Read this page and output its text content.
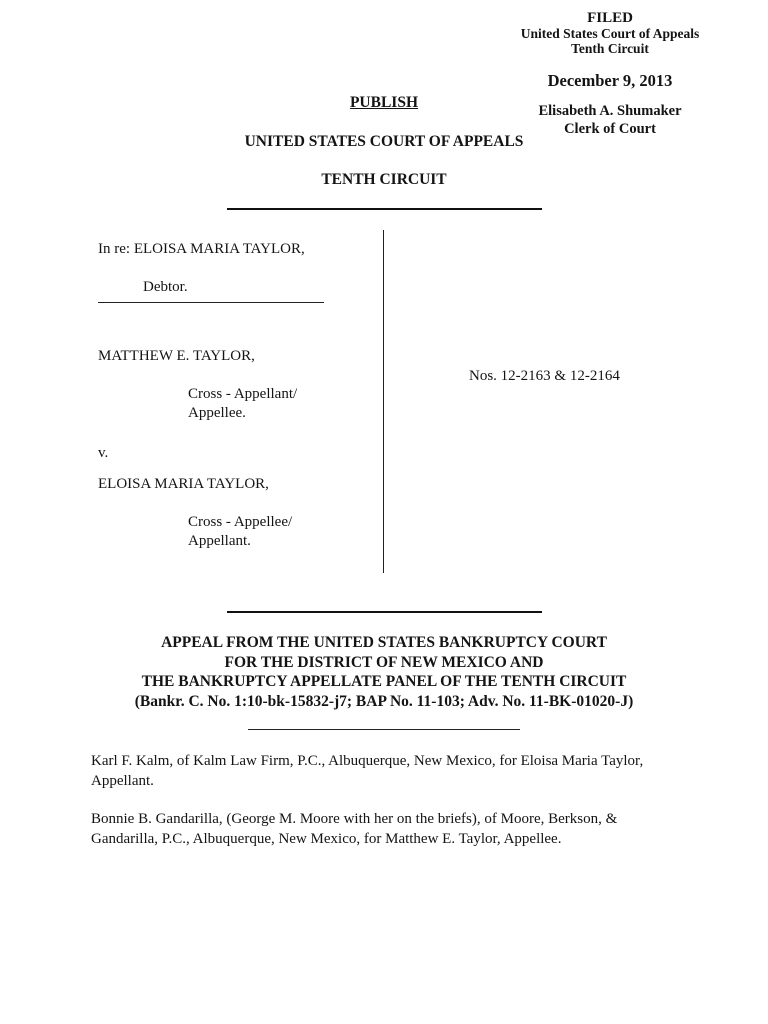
FILED
United States Court of Appeals
Tenth Circuit
December 9, 2013
Elisabeth A. Shumaker
Clerk of Court
PUBLISH
UNITED STATES COURT OF APPEALS
TENTH CIRCUIT
In re: ELOISA MARIA TAYLOR,
Debtor.
MATTHEW E. TAYLOR,
Cross - Appellant/
Appellee.
v.
ELOISA MARIA TAYLOR,
Cross - Appellee/
Appellant.
Nos. 12-2163 & 12-2164
APPEAL FROM THE UNITED STATES BANKRUPTCY COURT
FOR THE DISTRICT OF NEW MEXICO AND
THE BANKRUPTCY APPELLATE PANEL OF THE TENTH CIRCUIT
(Bankr. C. No. 1:10-bk-15832-j7; BAP No. 11-103; Adv. No. 11-BK-01020-J)
Karl F. Kalm, of Kalm Law Firm, P.C., Albuquerque, New Mexico, for Eloisa Maria Taylor, Appellant.
Bonnie B. Gandarilla, (George M. Moore with her on the briefs), of Moore, Berkson, & Gandarilla, P.C., Albuquerque, New Mexico, for Matthew E. Taylor, Appellee.
